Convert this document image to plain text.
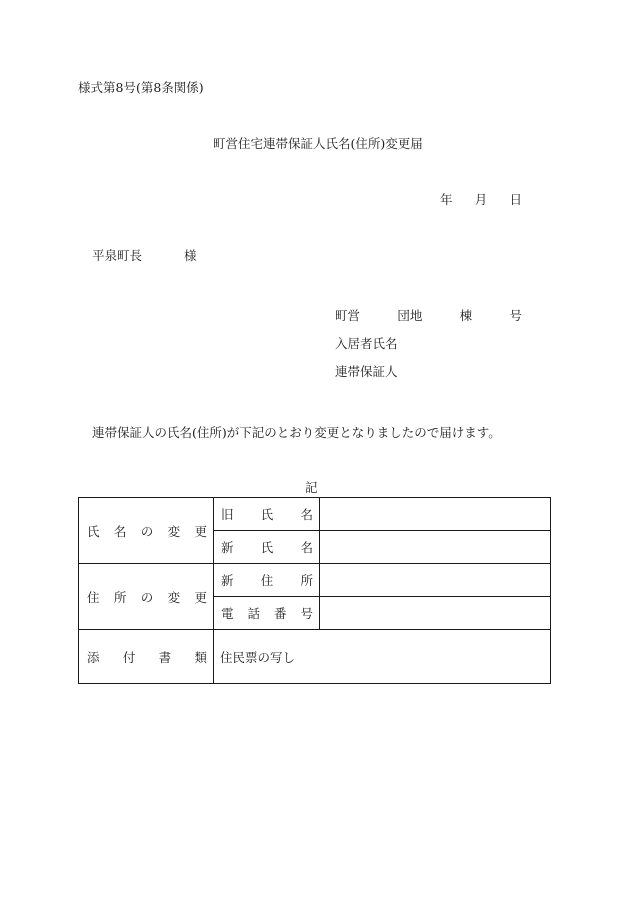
様式第8号(第8条関係)
町営住宅連帯保証人氏名(住所)変更届
年 月 日
平泉町長	様
町営	団地	棟	号
入居者氏名
連帯保証人
連帯保証人の氏名(住所)が下記のとおり変更となりましたので届けます。
記
氏 名 の 変 更	旧 氏 名	

	新 氏 名	

住 所 の 変 更	新 住 所	

	電 話 番 号	

添 付 書 類	住民票の写し	
